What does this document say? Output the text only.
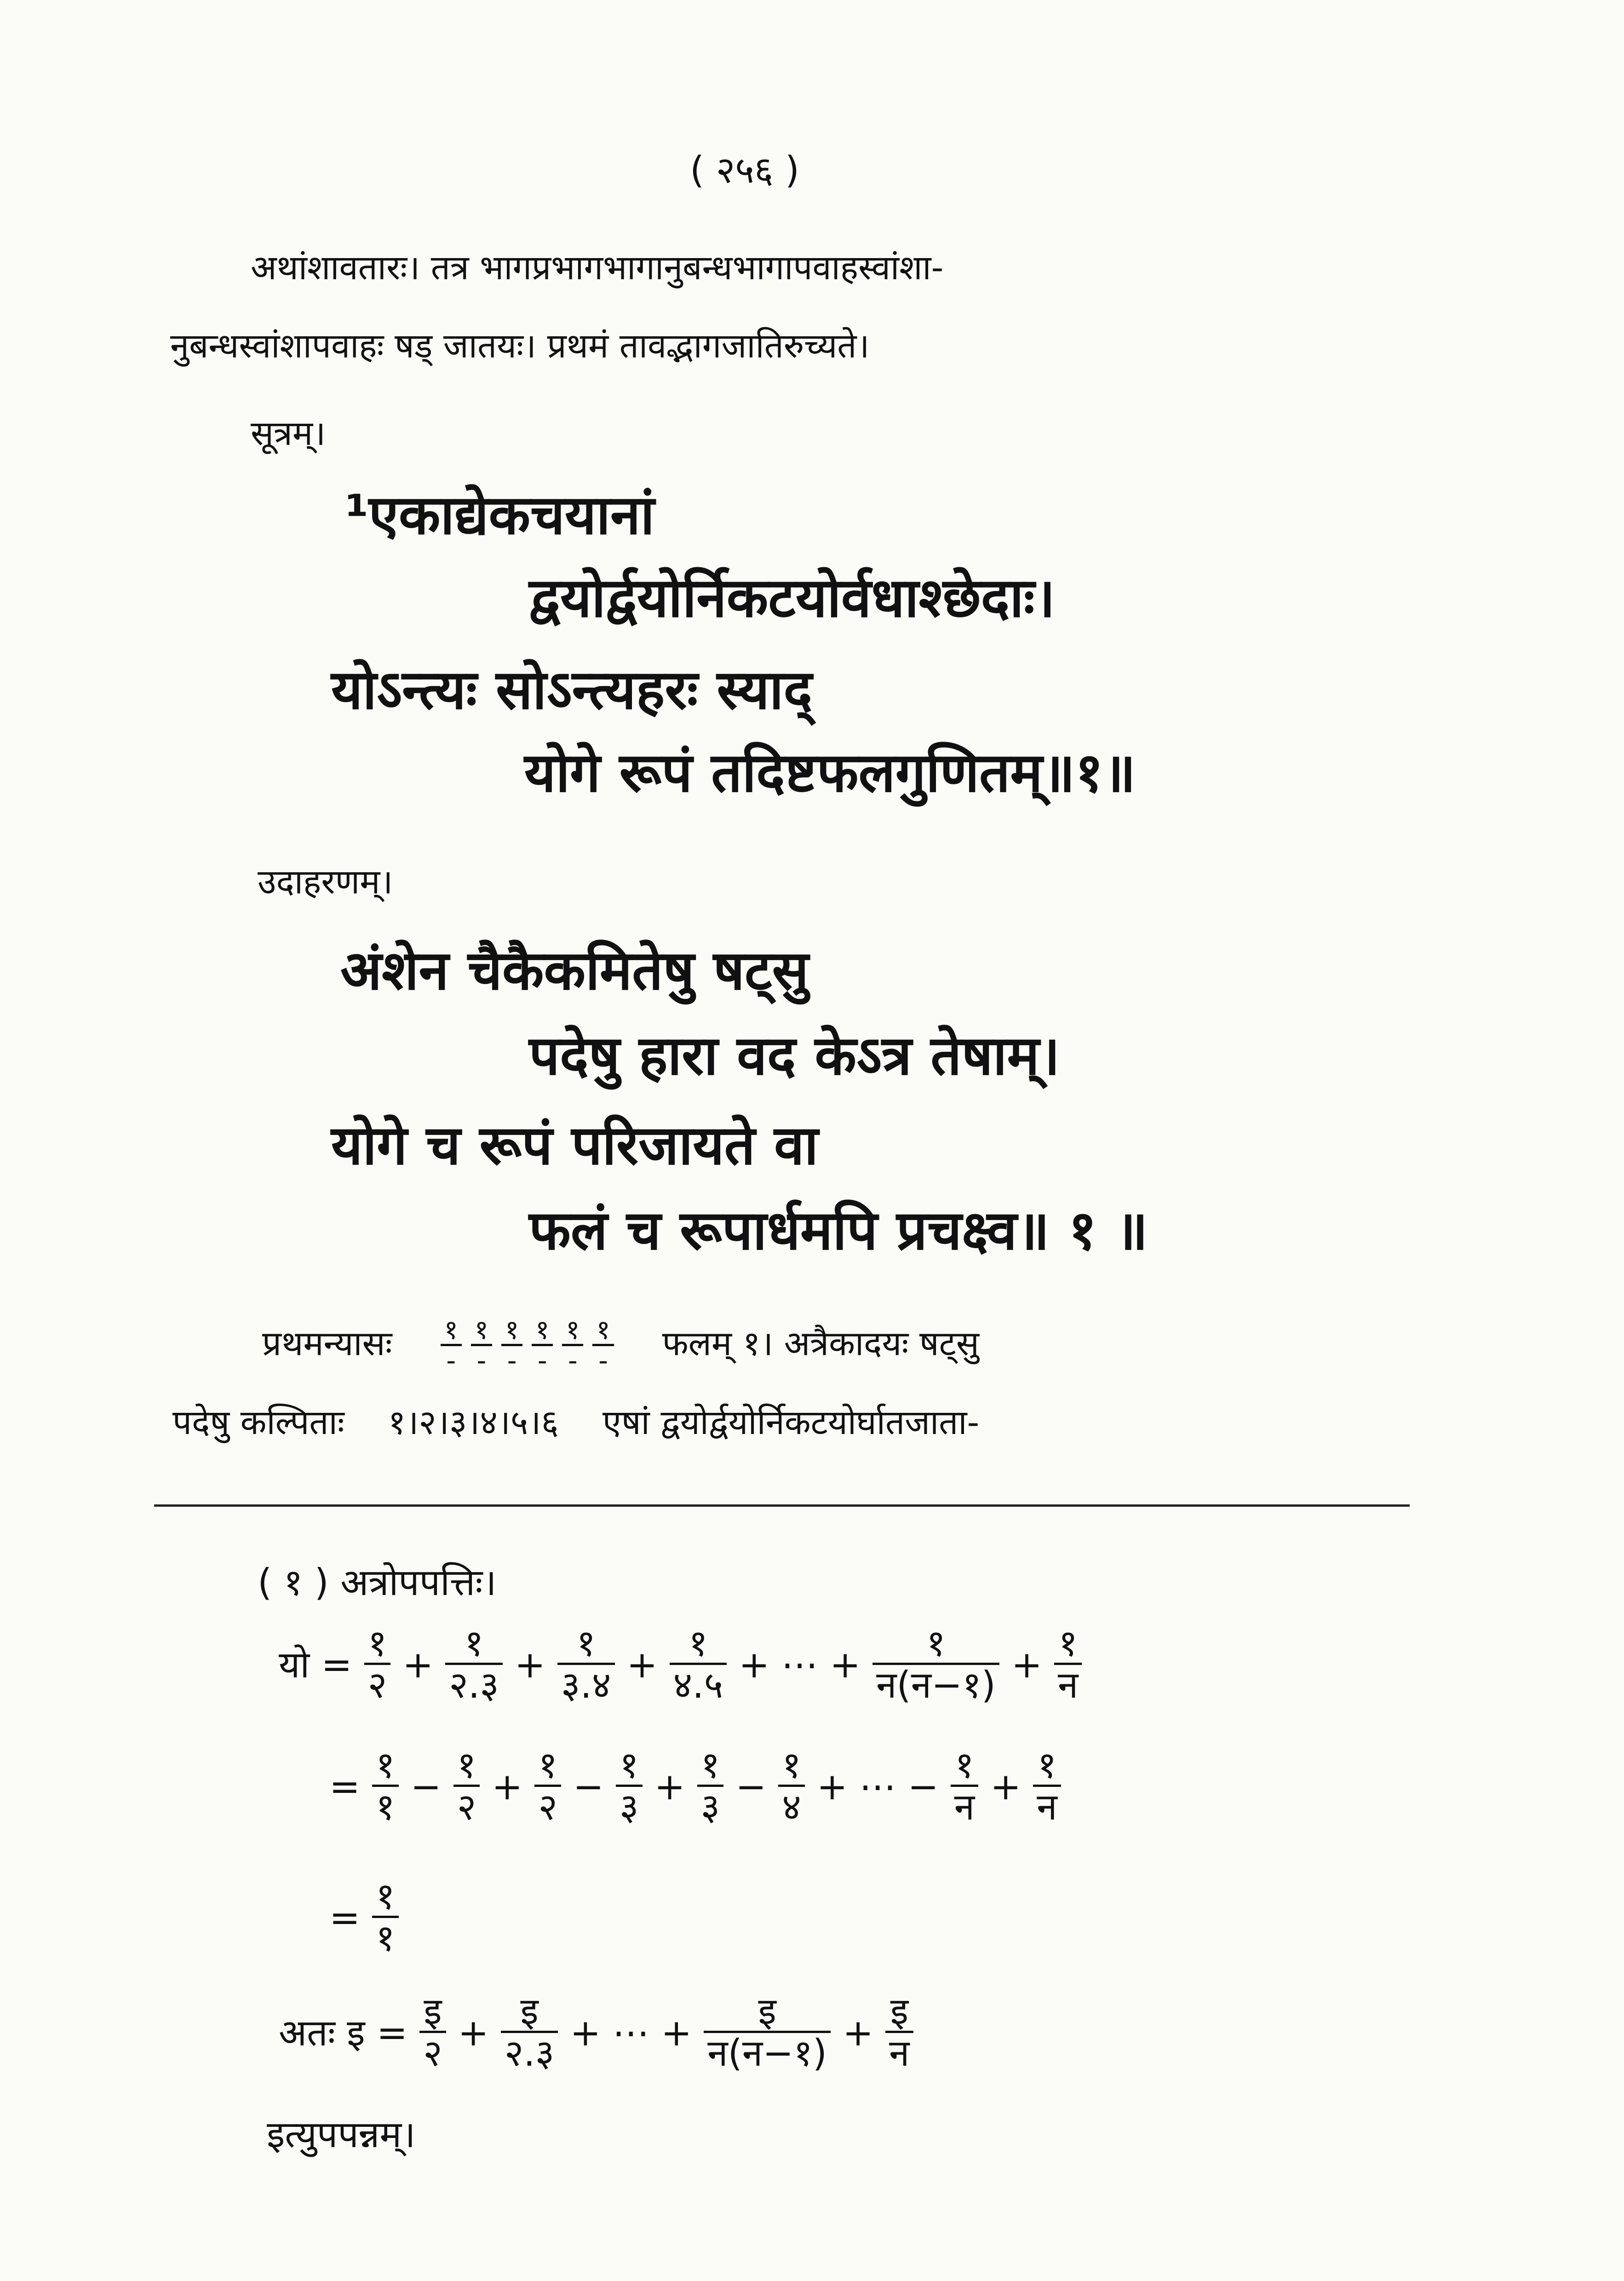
( २५६ )
अथांशावतारः। तत्र भागप्रभागभागानुबन्धभागापवाहस्वांशा-
नुबन्धस्वांशापवाहः षड् जातयः। प्रथमं तावद्भागजातिरुच्यते।
सूत्रम्।
¹एकाद्येकचयानां
द्वयोर्द्वयोर्निकटयोर्वधाश्छेदाः।
योऽन्त्यः सोऽन्त्यहरः स्याद्
योगे रूपं तदिष्टफलगुणितम्॥१॥
उदाहरणम्।
अंशेन चैकैकमितेषु षट्सु
पदेषु हारा वद केऽत्र तेषाम्।
योगे च रूपं परिजायते वा
फलं च रूपार्धमपि प्रचक्ष्व॥ १ ॥
प्रथमन्यासः $\frac{१}{-} \frac{१}{-} \frac{१}{-} \frac{१}{-} \frac{१}{-} \frac{१}{-}$ फलम् १। अत्रैकादयः षट्सु
पदेषु कल्पिताः १।२।३।४।५।६ एषां द्वयोर्द्वयोर्निकटयोर्घातजाता-
( १ ) अत्रोपपत्तिः।
यो = $\frac{१}{२} + \frac{१}{२.३} + \frac{१}{३.४} + \frac{१}{४.५}$ + ⋯ + $\frac{१}{\text{न(न−१)}} + \frac{१}{\text{न}}$
= $\frac{१}{१} - \frac{१}{२} + \frac{१}{२} - \frac{१}{३} + \frac{१}{३} - \frac{१}{४}$ + ⋯ − $\frac{१}{\text{न}} + \frac{१}{\text{न}}$
= $\frac{१}{१}$
अतः इ = $\frac{\text{इ}}{२} + \frac{\text{इ}}{२.३}$ + ⋯ + $\frac{\text{इ}}{\text{न(न−१)}} + \frac{\text{इ}}{\text{न}}$
इत्युपपन्नम्।
